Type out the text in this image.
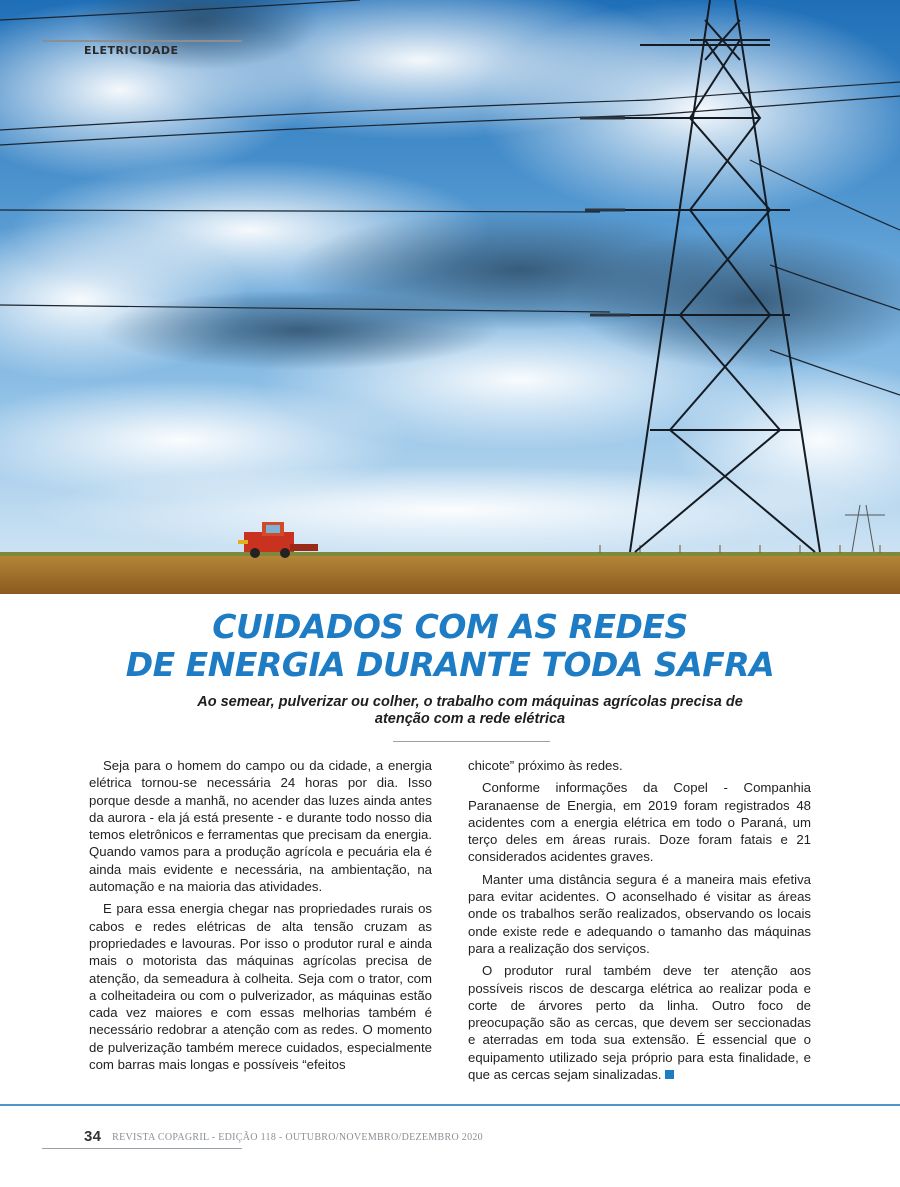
ELETRICIDADE
CUIDADOS COM AS REDES
DE ENERGIA DURANTE TODA SAFRA

Ao semear, pulverizar ou colher, o trabalho com máquinas agrícolas precisa de atenção com a rede elétrica

Seja para o homem do campo ou da cidade, a energia elétrica tornou-se necessária 24 horas por dia. Isso porque desde a manhã, no acender das luzes ainda antes da aurora - ela já está presente - e durante todo nosso dia temos eletrônicos e ferramentas que precisam da energia. Quando vamos para a produção agrícola e pecuária ela é ainda mais evidente e necessária, na ambientação, na automação e na maioria das atividades.

E para essa energia chegar nas propriedades rurais os cabos e redes elétricas de alta tensão cruzam as propriedades e lavouras. Por isso o produtor rural e ainda mais o motorista das máquinas agrícolas precisa de atenção, da semeadura à colheita. Seja com o trator, com a colheitadeira ou com o pulverizador, as máquinas estão cada vez maiores e com essas melhorias também é necessário redobrar a atenção com as redes. O momento de pulverização também merece cuidados, especialmente com barras mais longas e possíveis “efeitos

chicote” próximo às redes.

Conforme informações da Copel - Companhia Paranaense de Energia, em 2019 foram registrados 48 acidentes com a energia elétrica em todo o Paraná, um terço deles em áreas rurais. Doze foram fatais e 21 considerados acidentes graves.

Manter uma distância segura é a maneira mais efetiva para evitar acidentes. O aconselhado é visitar as áreas onde os trabalhos serão realizados, observando os locais onde existe rede e adequando o tamanho das máquinas para a realização dos serviços.

O produtor rural também deve ter atenção aos possíveis riscos de descarga elétrica ao realizar poda e corte de árvores perto da linha. Outro foco de preocupação são as cercas, que devem ser seccionadas e aterradas em toda sua extensão. É essencial que o equipamento utilizado seja próprio para esta finalidade, e que as cercas sejam sinalizadas.

34 REVISTA COPAGRIL - EDIÇÃO 118 - OUTUBRO/NOVEMBRO/DEZEMBRO 2020
